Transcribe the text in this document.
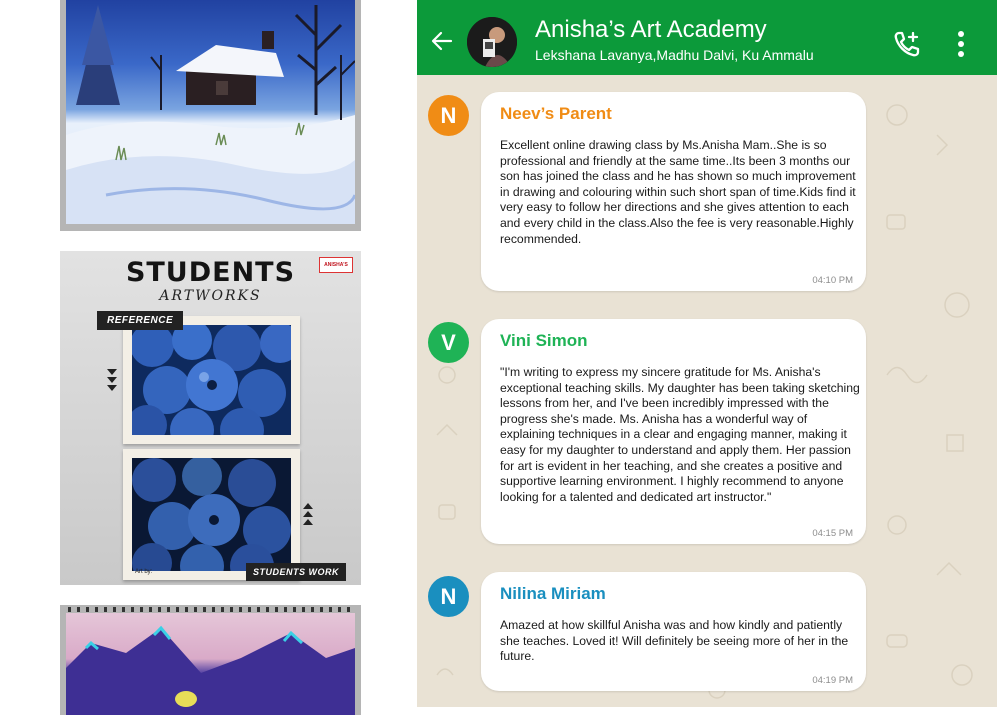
STUDENTS
ARTWORKS
ANISHA'S
REFERENCE
STUDENTS WORK
Art by:
Anisha’s Art Academy
Lekshana Lavanya,Madhu Dalvi, Ku Ammalu
N	Neev’s Parent
Excellent online drawing class by Ms.Anisha Mam..She is so professional and friendly at the same time..Its been 3 months our son has joined the class and he has shown so much improvement in drawing and colouring within such short span of time.Kids find it very easy to follow her directions and she gives attention to each and every child in the class.Also the fee is very reasonable.Highly recommended.
04:10 PM
V	Vini Simon
"I'm writing to express my sincere gratitude for Ms. Anisha's exceptional teaching skills. My daughter has been taking sketching lessons from her, and I've been incredibly impressed with the progress she's made. Ms. Anisha has a wonderful way of explaining techniques in a clear and engaging manner, making it easy for my daughter to understand and apply them. Her passion for art is evident in her teaching, and she creates a positive and supportive learning environment. I highly recommend to anyone looking for a talented and dedicated art instructor."
04:15 PM
N	Nilina Miriam
Amazed at how skillful Anisha was and how kindly and patiently she teaches. Loved it! Will definitely be seeing more of her in the future.
04:19 PM
